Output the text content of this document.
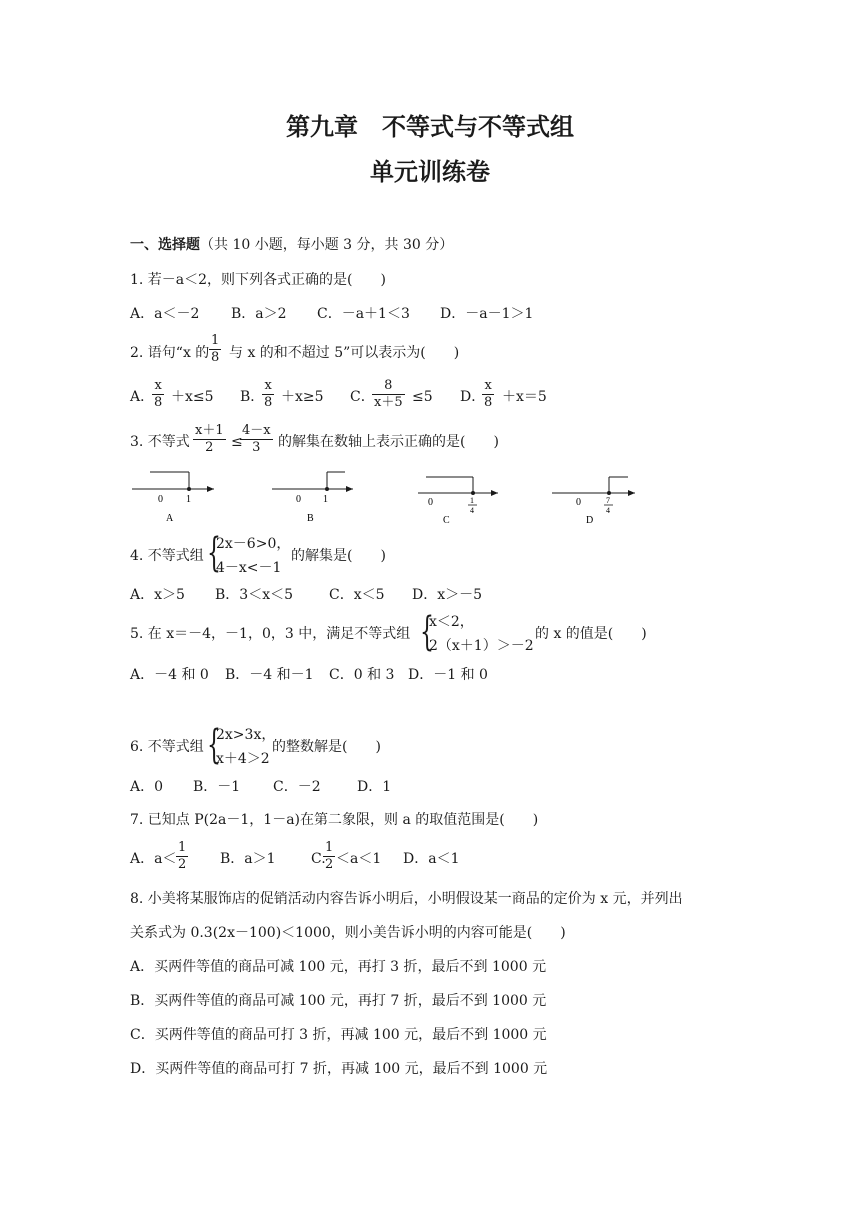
第九章　不等式与不等式组
单元训练卷
一、选择题（共 10 小题，每小题 3 分，共 30 分）
1. 若－a＜2，则下列各式正确的是(　　)
A．a＜－2 B．a＞2 C．－a＋1＜3 D．－a－1＞1
2. 语句“x 的 $\frac{1}{8}$ 与 x 的和不超过 5”可以表示为(　　)
A．
$\frac{x}{8} +x\le 5$ B．
$\frac{x}{8} +x\ge 5$ C．
$\frac{8}{x+5} \le 5$ D．
$\frac{x}{8} +x=5$
3. 不等式 $\frac{x+1}{2}$ ≤
$\frac{4-x}{3}$ 的解集在数轴上表示正确的是(　　)
0 1
A
0 1
B
0	1
4
C
0	7
4
D
4. 不等式组 {
2x－6>0，
4－x<－1
的解集是(　　)
A．x＞5 B．3＜x＜5	C．x＜5 D．x＞－5
5. 在 x＝－4，－1，0，3 中，满足不等式组 {
x＜2，
2（x＋1）＞－2
的 x 的值是(　　)
A．－4 和 0 B．－4 和－1 C．0 和 3 D．－1 和 0
6. 不等式组 {
2x>3x，
x＋4＞2
的整数解是(　　)
A．0 B．－1 C．－2	D．1
7. 已知点 P(2a－1，1－a)在第二象限，则 a 的取值范围是(　　)
A．$a< \frac{1}{2}$ B．a＞1	C.
$\frac{1}{2} <a<1$ D．a＜1
8. 小美将某服饰店的促销活动内容告诉小明后，小明假设某一商品的定价为 x 元，并列出
关系式为 0.3(2x－100)＜1000，则小美告诉小明的内容可能是(　　)
A．买两件等值的商品可减 100 元，再打 3 折，最后不到 1000 元
B．买两件等值的商品可减 100 元，再打 7 折，最后不到 1000 元
C．买两件等值的商品可打 3 折，再减 100 元，最后不到 1000 元
D．买两件等值的商品可打 7 折，再减 100 元，最后不到 1000 元
